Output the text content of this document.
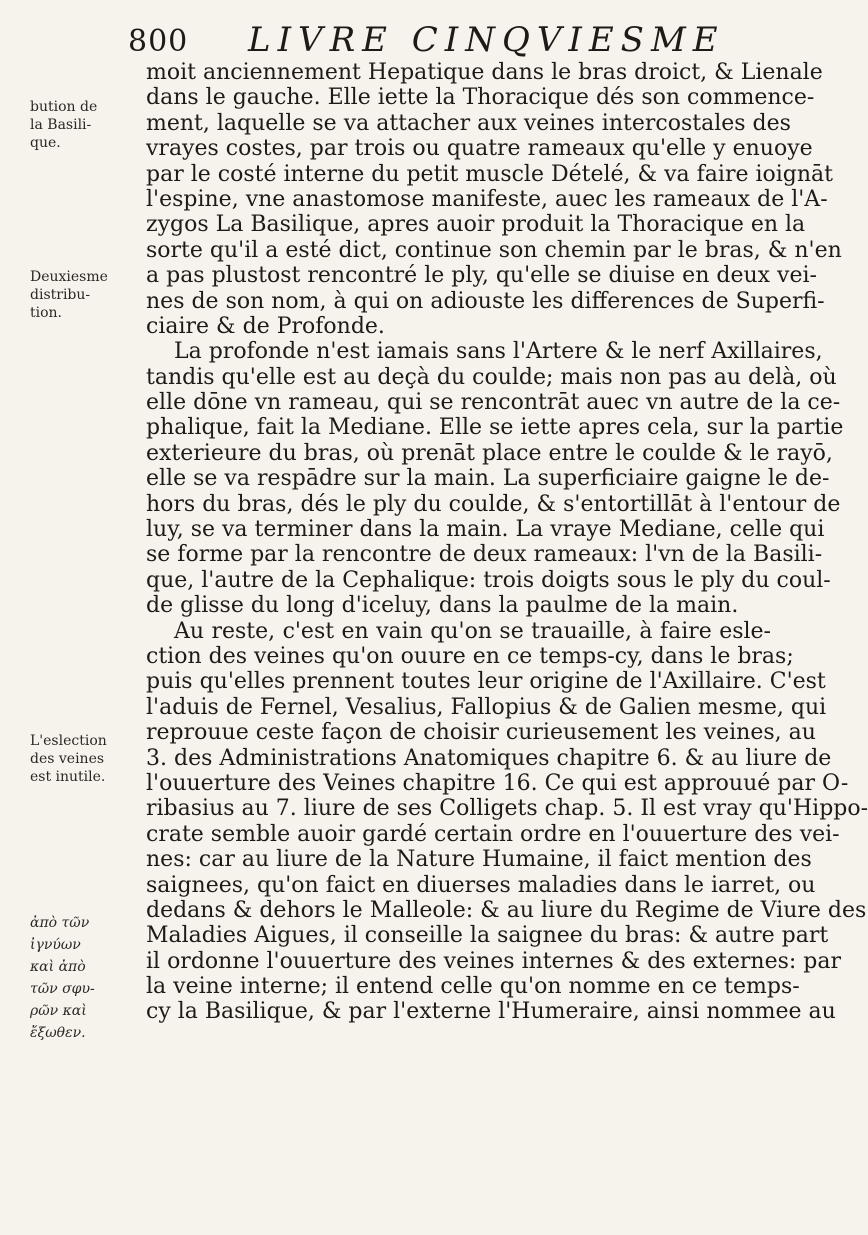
800 LIVRE CINQVIESME
bution de
la Basili-
que.
Deuxiesme
distribu-
tion.
L'eslection
des veines
est inutile.
ἀπὸ τῶν
ἰγνύων
καὶ ἀπὸ
τῶν σφυ-
ρῶν καὶ
ἔξωθεν.
moit anciennement Hepatique dans le bras droict, & Lienale
dans le gauche. Elle iette la Thoracique dés son commence-
ment, laquelle se va attacher aux veines intercostales des
vrayes costes, par trois ou quatre rameaux qu'elle y enuoye
par le costé interne du petit muscle Dételé, & va faire ioignāt
l'espine, vne anastomose manifeste, auec les rameaux de l'A-
zygos La Basilique, apres auoir produit la Thoracique en la
sorte qu'il a esté dict, continue son chemin par le bras, & n'en
a pas plustost rencontré le ply, qu'elle se diuise en deux vei-
nes de son nom, à qui on adiouste les differences de Superfi-
ciaire & de Profonde.
La profonde n'est iamais sans l'Artere & le nerf Axillaires,
tandis qu'elle est au deçà du coulde; mais non pas au delà, où
elle dōne vn rameau, qui se rencontrāt auec vn autre de la ce-
phalique, fait la Mediane. Elle se iette apres cela, sur la partie
exterieure du bras, où prenāt place entre le coulde & le rayō,
elle se va respādre sur la main. La superficiaire gaigne le de-
hors du bras, dés le ply du coulde, & s'entortillāt à l'entour de
luy, se va terminer dans la main. La vraye Mediane, celle qui
se forme par la rencontre de deux rameaux: l'vn de la Basili-
que, l'autre de la Cephalique: trois doigts sous le ply du coul-
de glisse du long d'iceluy, dans la paulme de la main.
Au reste, c'est en vain qu'on se trauaille, à faire esle-
ction des veines qu'on ouure en ce temps-cy, dans le bras;
puis qu'elles prennent toutes leur origine de l'Axillaire. C'est
l'aduis de Fernel, Vesalius, Fallopius & de Galien mesme, qui
reprouue ceste façon de choisir curieusement les veines, au
3. des Administrations Anatomiques chapitre 6. & au liure de
l'ouuerture des Veines chapitre 16. Ce qui est approuué par O-
ribasius au 7. liure de ses Colligets chap. 5. Il est vray qu'Hippo-
crate semble auoir gardé certain ordre en l'ouuerture des vei-
nes: car au liure de la Nature Humaine, il faict mention des
saignees, qu'on faict en diuerses maladies dans le iarret, ou
dedans & dehors le Malleole: & au liure du Regime de Viure des
Maladies Aigues, il conseille la saignee du bras: & autre part
il ordonne l'ouuerture des veines internes & des externes: par
la veine interne; il entend celle qu'on nomme en ce temps-
cy la Basilique, & par l'externe l'Humeraire, ainsi nommee au
